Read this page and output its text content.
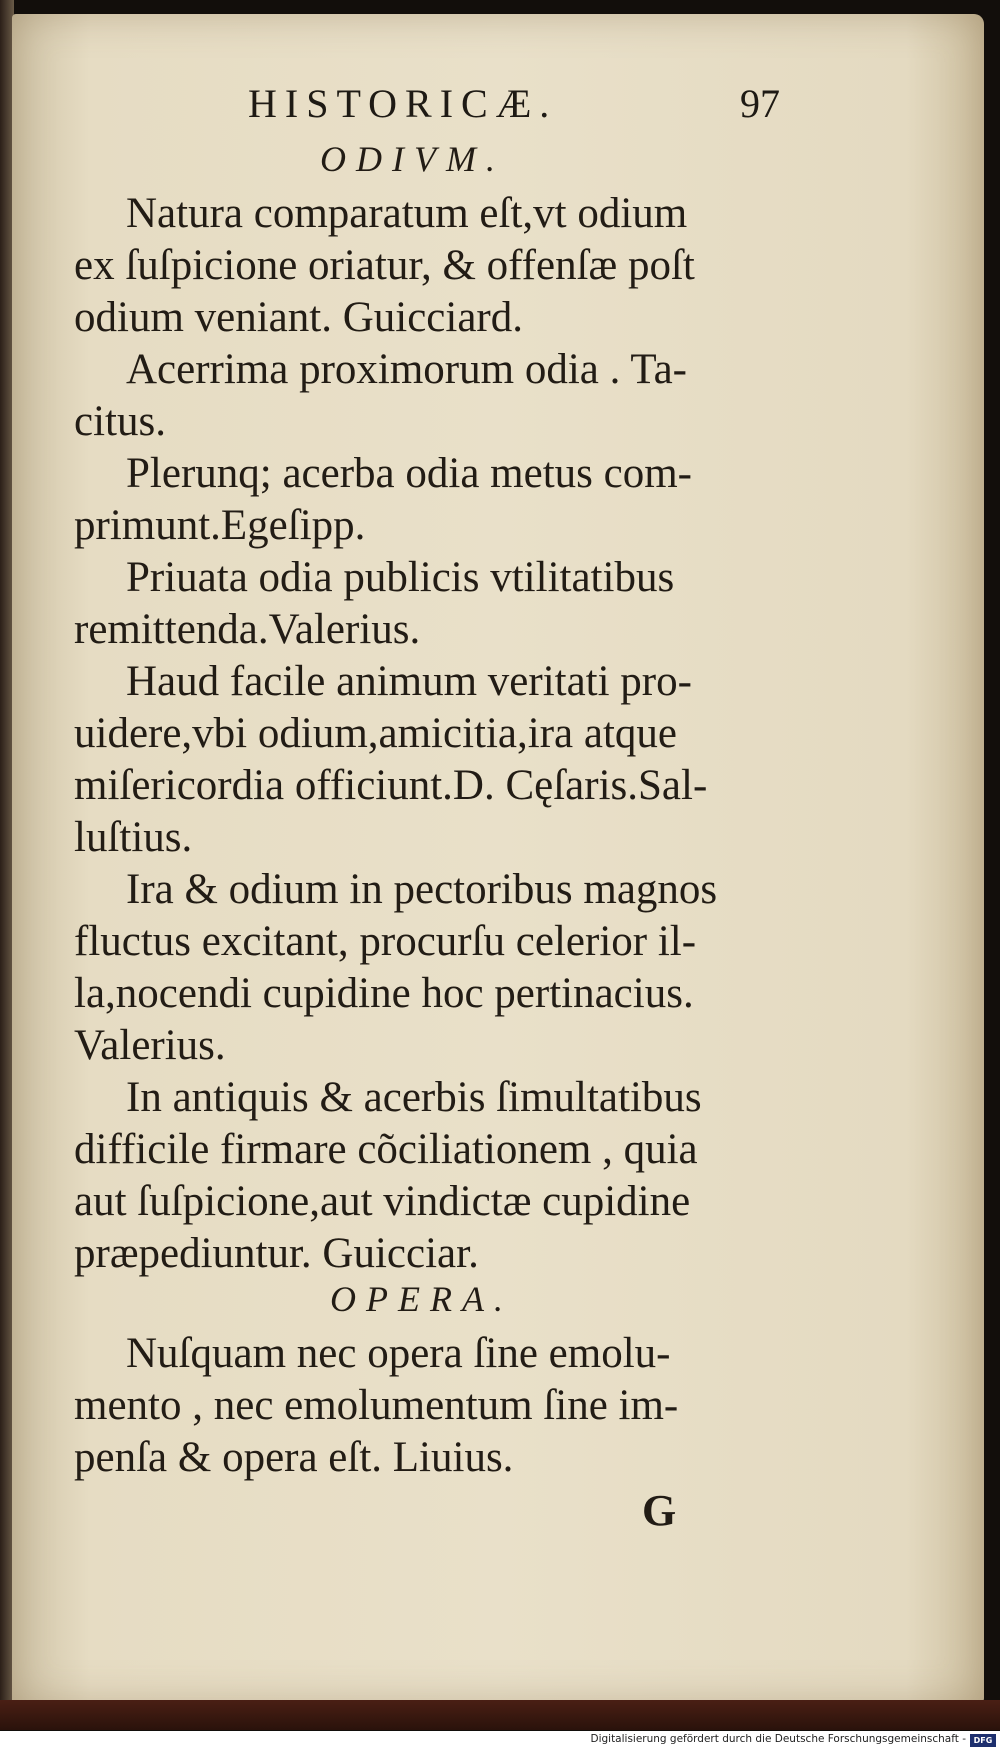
HISTORICÆ.	97
ODIVM.
Natura comparatum eſt,vt odium
ex ſuſpicione oriatur, & offenſæ poſt
odium veniant. Guicciard.
Acerrima proximorum odia . Ta-
citus.
Plerunq; acerba odia metus com-
primunt.Egeſipp.
Priuata odia publicis vtilitatibus
remittenda.Valerius.
Haud facile animum veritati pro-
uidere,vbi odium,amicitia,ira atque
miſericordia officiunt.D. Cęſaris.Sal-
luſtius.
Ira & odium in pectoribus magnos
fluctus excitant, procurſu celerior il-
la,nocendi cupidine hoc pertinacius.
Valerius.
In antiquis & acerbis ſimultatibus
difficile firmare cõciliationem , quia
aut ſuſpicione,aut vindictæ cupidine
præpediuntur. Guicciar.
OPERA.
Nuſquam nec opera ſine emolu-
mento , nec emolumentum ſine im-
penſa & opera eſt. Liuius.
G
Digitalisierung gefördert durch die Deutsche Forschungsgemeinschaft - DFG
